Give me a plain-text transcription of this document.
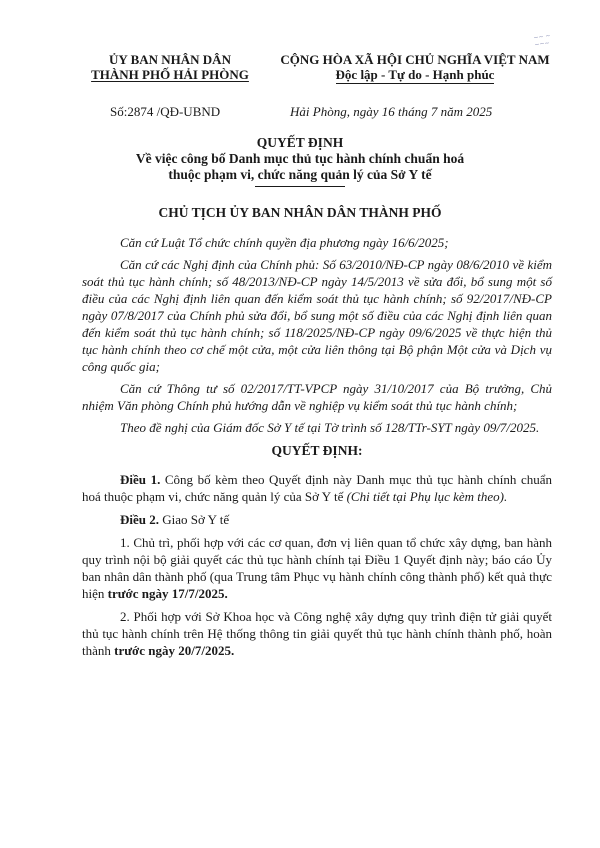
~~ ~
~~~
ỦY BAN NHÂN DÂN
THÀNH PHỐ HẢI PHÒNG
CỘNG HÒA XÃ HỘI CHỦ NGHĨA VIỆT NAM
Độc lập - Tự do - Hạnh phúc
Số:2874 /QĐ-UBND	Hải Phòng, ngày 16 tháng 7 năm 2025
QUYẾT ĐỊNH
Về việc công bố Danh mục thủ tục hành chính chuẩn hoá
thuộc phạm vi, chức năng quản lý của Sở Y tế
CHỦ TỊCH ỦY BAN NHÂN DÂN THÀNH PHỐ

Căn cứ Luật Tổ chức chính quyền địa phương ngày 16/6/2025;

Căn cứ các Nghị định của Chính phủ: Số 63/2010/NĐ-CP ngày 08/6/2010 về kiểm soát thủ tục hành chính; số 48/2013/NĐ-CP ngày 14/5/2013 về sửa đổi, bổ sung một số điều của các Nghị định liên quan đến kiểm soát thủ tục hành chính; số 92/2017/NĐ-CP ngày 07/8/2017 của Chính phủ sửa đổi, bổ sung một số điều của các Nghị định liên quan đến kiểm soát thủ tục hành chính; số 118/2025/NĐ-CP ngày 09/6/2025 về thực hiện thủ tục hành chính theo cơ chế một cửa, một cửa liên thông tại Bộ phận Một cửa và Dịch vụ công quốc gia;

Căn cứ Thông tư số 02/2017/TT-VPCP ngày 31/10/2017 của Bộ trưởng, Chủ nhiệm Văn phòng Chính phủ hướng dẫn về nghiệp vụ kiểm soát thủ tục hành chính;

Theo đề nghị của Giám đốc Sở Y tế tại Tờ trình số 128/TTr-SYT ngày 09/7/2025.

QUYẾT ĐỊNH:

Điều 1. Công bố kèm theo Quyết định này Danh mục thủ tục hành chính chuẩn hoá thuộc phạm vi, chức năng quản lý của Sở Y tế (Chi tiết tại Phụ lục kèm theo).

Điều 2. Giao Sở Y tế

1. Chủ trì, phối hợp với các cơ quan, đơn vị liên quan tổ chức xây dựng, ban hành quy trình nội bộ giải quyết các thủ tục hành chính tại Điều 1 Quyết định này; báo cáo Ủy ban nhân dân thành phố (qua Trung tâm Phục vụ hành chính công thành phố) kết quả thực hiện trước ngày 17/7/2025.

2. Phối hợp với Sở Khoa học và Công nghệ xây dựng quy trình điện tử giải quyết thủ tục hành chính trên Hệ thống thông tin giải quyết thủ tục hành chính thành phố, hoàn thành trước ngày 20/7/2025.
